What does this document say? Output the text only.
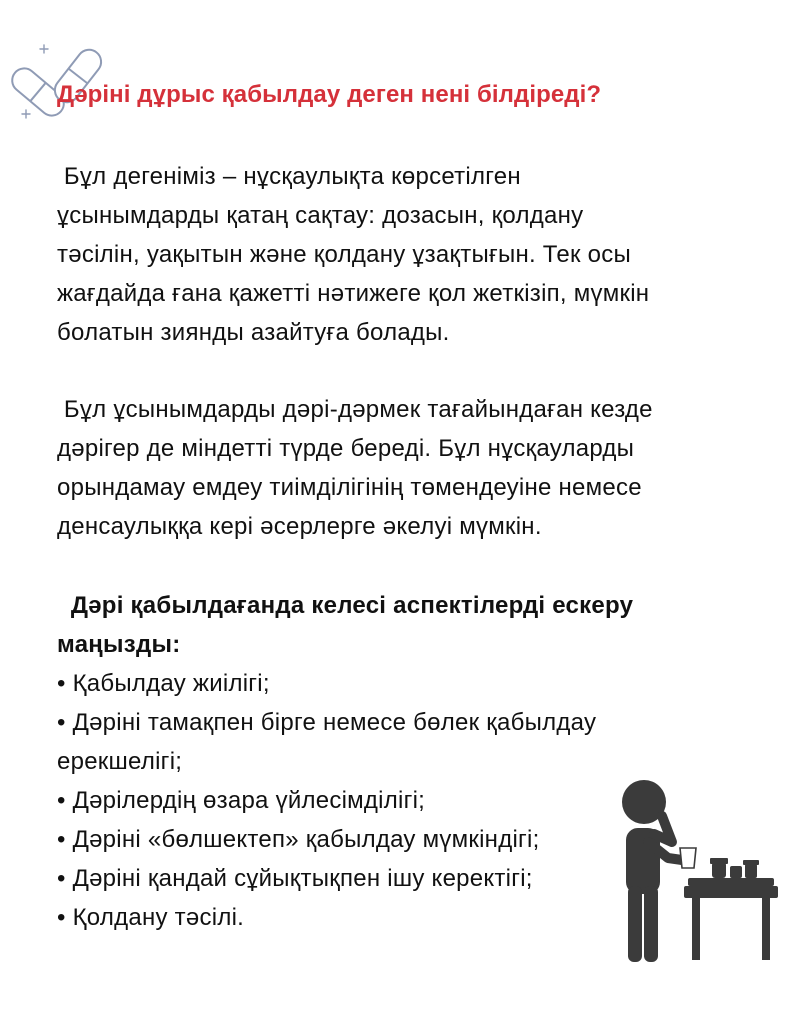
Дәріні дұрыс қабылдау деген нені білдіреді?

Бұл дегеніміз – нұсқаулықта көрсетілген
ұсынымдарды қатаң сақтау: дозасын, қолдану
тәсілін, уақытын және қолдану ұзақтығын. Тек осы
жағдайда ғана қажетті нәтижеге қол жеткізіп, мүмкін
болатын зиянды азайтуға болады.

Бұл ұсынымдарды дәрі-дәрмек тағайындаған кезде
дәрігер де міндетті түрде береді. Бұл нұсқауларды
орындамау емдеу тиімділігінің төмендеуіне немесе
денсаулыққа кері әсерлерге әкелуі мүмкін.

Дәрі қабылдағанда келесі аспектілерді ескеру
маңызды:
• Қабылдау жиілігі;
• Дәріні тамақпен бірге немесе бөлек қабылдау
ерекшелігі;
• Дәрілердің өзара үйлесімділігі;
• Дәріні «бөлшектеп» қабылдау мүмкіндігі;
• Дәріні қандай сұйықтықпен ішу керектігі;
• Қолдану тәсілі.
